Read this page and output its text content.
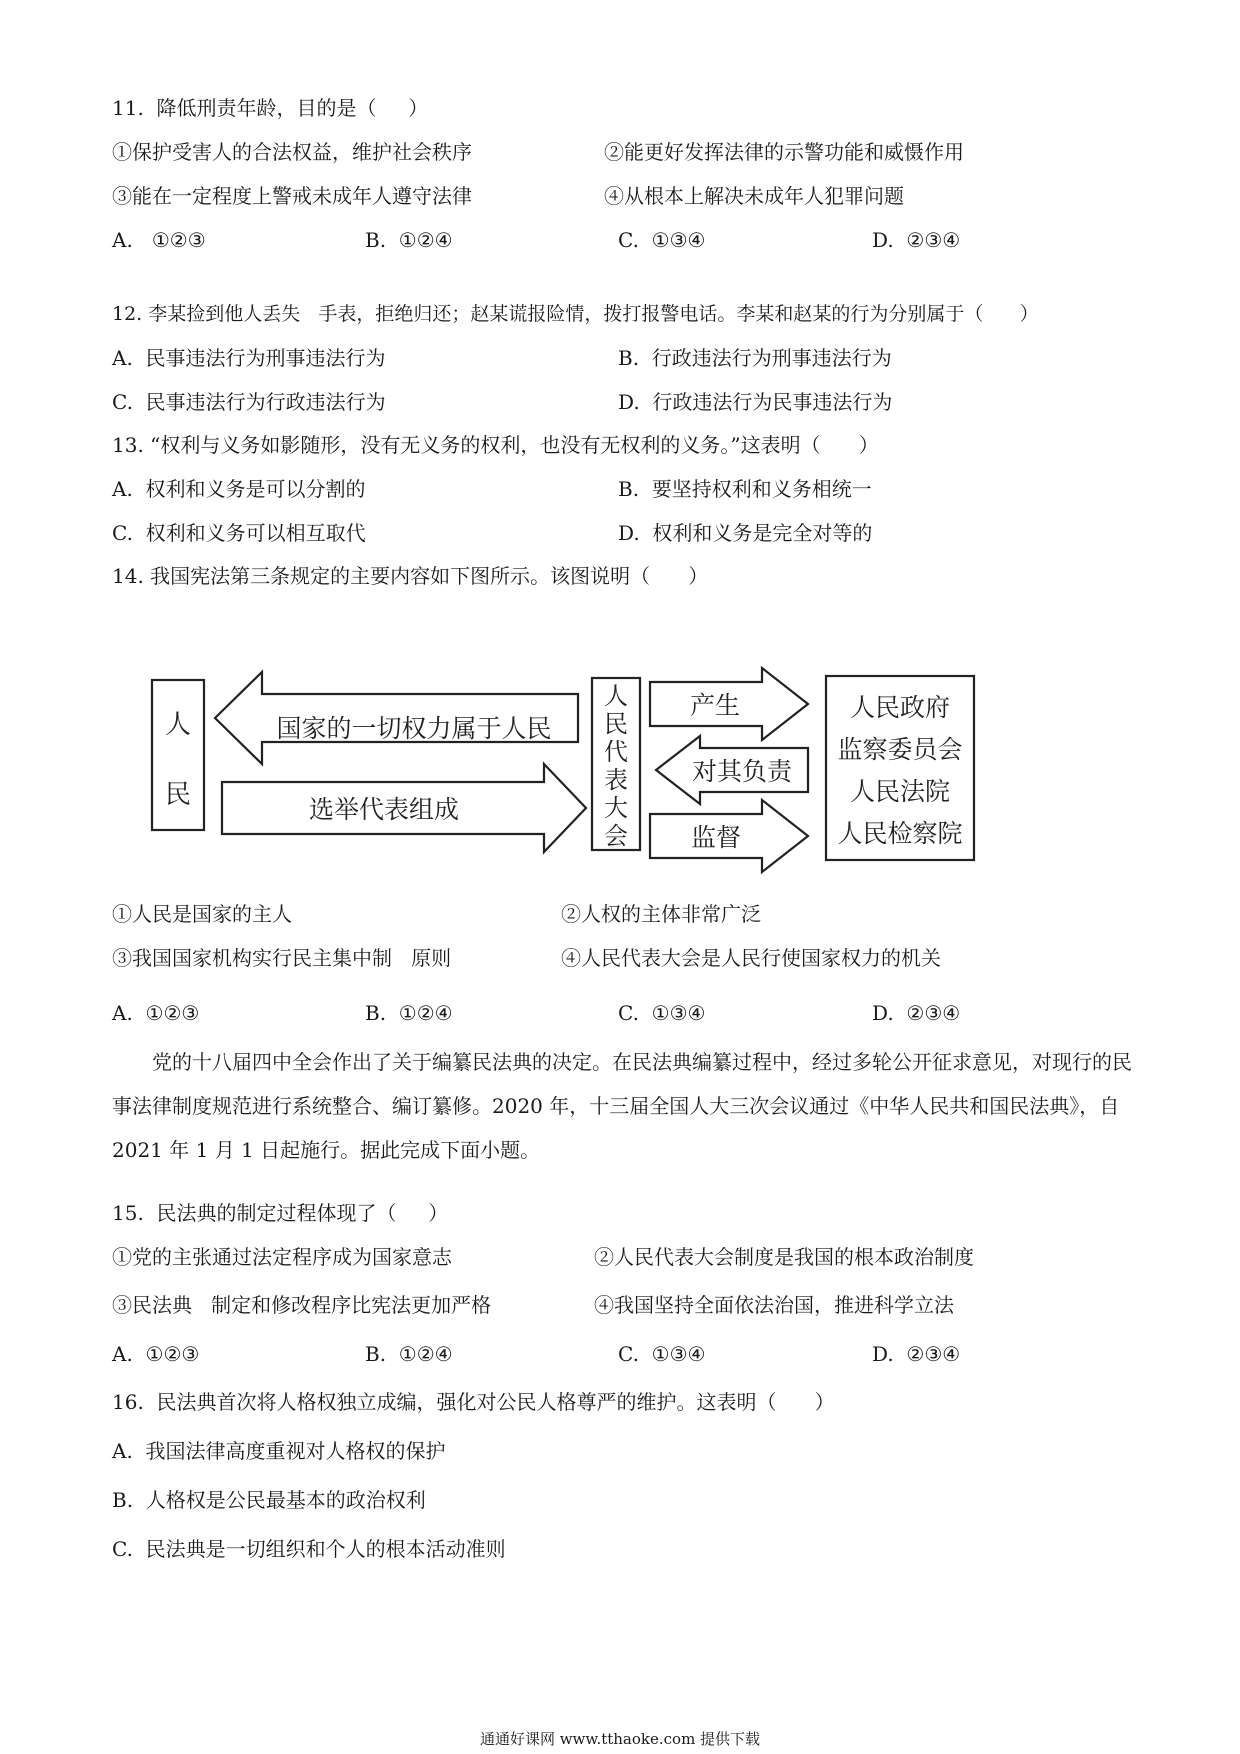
11.  降低刑责年龄，目的是（     ）
①保护受害人的合法权益，维护社会秩序	②能更好发挥法律的示警功能和威慑作用
③能在一定程度上警戒未成年人遵守法律	④从根本上解决未成年人犯罪问题
A.   ①②③	B.  ①②④	C.  ①③④	D.  ②③④
12. 李某捡到他人丢失   手表，拒绝归还；赵某谎报险情，拨打报警电话。李某和赵某的行为分别属于（      ）
A.  民事违法行为刑事违法行为	B.  行政违法行为刑事违法行为
C.  民事违法行为行政违法行为	D.  行政违法行为民事违法行为
13. “权利与义务如影随形，没有无义务的权利，也没有无权利的义务。”这表明（      ）
A.  权利和义务是可以分割的	B.  要坚持权利和义务相统一
C.  权利和义务可以相互取代	D.  权利和义务是完全对等的
14. 我国宪法第三条规定的主要内容如下图所示。该图说明（      ）
人
民
国家的一切权力属于人民
选举代表组成
人
民
代
表
大
会
产生
对其负责
监督
人民政府
监察委员会
人民法院
人民检察院
①人民是国家的主人	②人权的主体非常广泛
③我国国家机构实行民主集中制   原则	④人民代表大会是人民行使国家权力的机关
A.  ①②③	B.  ①②④	C.  ①③④	D.  ②③④
党的十八届四中全会作出了关于编纂民法典的决定。在民法典编纂过程中，经过多轮公开征求意见，对现行的民事法律制度规范进行系统整合、编订纂修。2020 年，十三届全国人大三次会议通过《中华人民共和国民法典》，自 2021 年 1 月 1 日起施行。据此完成下面小题。
15.  民法典的制定过程体现了（     ）
①党的主张通过法定程序成为国家意志	②人民代表大会制度是我国的根本政治制度
③民法典   制定和修改程序比宪法更加严格	④我国坚持全面依法治国，推进科学立法
A.  ①②③	B.  ①②④	C.  ①③④	D.  ②③④
16.  民法典首次将人格权独立成编，强化对公民人格尊严的维护。这表明（      ）
A.  我国法律高度重视对人格权的保护
B.  人格权是公民最基本的政治权利
C.  民法典是一切组织和个人的根本活动准则
通通好课网 www.tthaoke.com 提供下载
